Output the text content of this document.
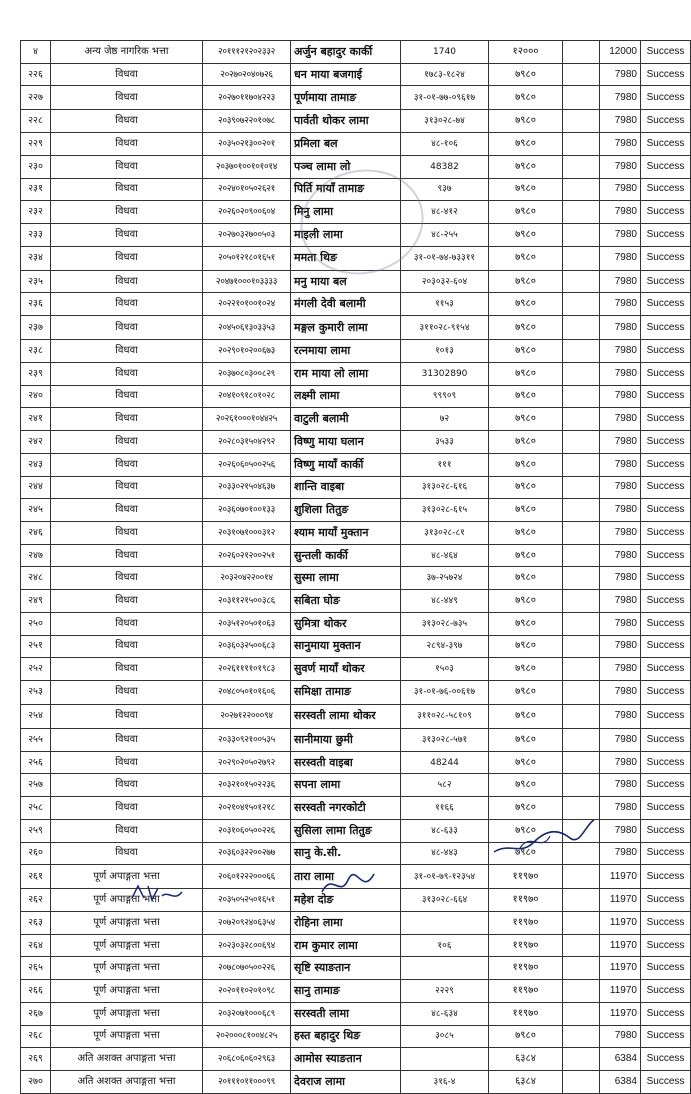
४	अन्य जेष्ठ नागरिक भत्ता	२०१११२१२०२३३२	अर्जुन बहादुर कार्की	1740	१२०००		12000	Success
२२६	विधवा	२०२७०२०४०७२६	धन माया बजगाई	१७८३-१८२४	७९८०		7980	Success
२२७	विधवा	२०२७०११७०४२२३	पूर्णमाया तामाङ	३१-०१-७७-०९६१७	७९८०		7980	Success
२२८	विधवा	२०३९०७२२०१०७८	पार्वती थोकर लामा	३१३०२८-७४	७९८०		7980	Success
२२९	विधवा	२०३५०२१३००२०१	प्रमिला बल	४८-१०६	७९८०		7980	Success
२३०	विधवा	२०३७०१००१०१०१४	पञ्च लामा लो	48382	७९८०		7980	Success
२३१	विधवा	२०२४०१०५०२६२१	पिर्ति मायाँ तामाङ	९३७	७९८०		7980	Success
२३२	विधवा	२०२६०२०९००६०४	मिनु लामा	४८-४१२	७९८०		7980	Success
२३३	विधवा	२०२७०३२७००५०३	माइली लामा	४८-२५५	७९८०		7980	Success
२३४	विधवा	२०५०१२१८०१६५१	ममता थिङ	३१-०१-७४-७३३११	७९८०		7980	Success
२३५	विधवा	२०४७१०००१०३३३३	मनु माया बल	२०३०३२-६०४	७९८०		7980	Success
२३६	विधवा	२०२२१०१००१०२४	मंगली देवी बलामी	११५३	७९८०		7980	Success
२३७	विधवा	२०४५०६१३०३३५३	मङ्गल कुमारी लामा	३११०२८-९१५४	७९८०		7980	Success
२३८	विधवा	२०२९०१०२००६७३	रत्नमाया लामा	१०१३	७९८०		7980	Success
२३९	विधवा	२०३७०८०३००८२९	राम माया लो लामा	31302890	७९८०		7980	Success
२४०	विधवा	२०४१०९१८०१०२८	लक्ष्मी लामा	९९९०९	७९८०		7980	Success
२४१	विधवा	२०२६१०००१०४४२५	वाटुली बलामी	७२	७९८०		7980	Success
२४२	विधवा	२०२८०३१५०४२९२	विष्णु माया घलान	३५३३	७९८०		7980	Success
२४३	विधवा	२०२६०६०५००२५६	विष्णु मायाँ कार्की	१११	७९८०		7980	Success
२४४	विधवा	२०३३०२१५०४६३७	शान्ति वाइबा	३१३०२८-६१६	७९८०		7980	Success
२४५	विधवा	२०३६०७०१००१३३	शुशिला तितुङ	३१३०२८-६१५	७९८०		7980	Success
२४६	विधवा	२०३१०७१०००३१२	श्याम मायाँ मुक्तान	३१३०२८-८१	७९८०		7980	Success
२४७	विधवा	२०२६०२१२००२५१	सुन्तली कार्की	४८-४६४	७९८०		7980	Success
२४८	विधवा	२०३२०४२२००१४	सुस्मा लामा	३७-२५७२४	७९८०		7980	Success
२४९	विधवा	२०३११२१५००३८६	सबिता घोङ	४८-४४९	७९८०		7980	Success
२५०	विधवा	२०३५१२०५०१०६३	सुमित्रा थोकर	३१३०२८-७३५	७९८०		7980	Success
२५१	विधवा	२०३६०३२५००६८३	सानुमाया मुक्तान	२८९४-३९७	७९८०		7980	Success
२५२	विधवा	२०२६११११०१९८३	सुवर्ण मायाँ थोकर	१५०३	७९८०		7980	Success
२५३	विधवा	२०४८०५०१०१६०६	समिक्षा तामाङ	३१-०१-७६-००६१७	७९८०		7980	Success
२५४	विधवा	२०२७१२२०००९४	सरस्वती लामा थोकर	३११०२८-५८१०९	७९८०		7980	Success
२५५	विधवा	२०३३०९२१००५३५	सानीमाया छुमी	३१३०२८-५७१	७९८०		7980	Success
२५६	विधवा	२०२९०२०५०२७९२	सरस्वती वाइबा	48244	७९८०		7980	Success
२५७	विधवा	२०३२१०१५०२२३६	सपना लामा	५८२	७९८०		7980	Success
२५८	विधवा	२०२१०४१५०१२१८	सरस्वती नगरकोटी	११६६	७९८०		7980	Success
२५९	विधवा	२०३१०६०५००२२६	सुसिला लामा तितुङ	४८-६३३	७९८०		7980	Success
२६०	विधवा	२०३६०३२२००२७७	सानु के.सी.	४८-४४३	७९८०		7980	Success
२६१	पूर्ण अपाङ्गता भत्ता	२०६०१२२२०००६६	तारा लामा	३१-०१-७९-१२३५४	११९७०		11970	Success
२६२	पूर्ण अपाङ्गता भत्ता	२०३५०५२५०१६५१	महेश दोङ	३१३०२८-६६४	११९७०		11970	Success
२६३	पूर्ण अपाङ्गता भत्ता	२०७२०९२४०६३५४	रोहिना लामा		११९७०		11970	Success
२६४	पूर्ण अपाङ्गता भत्ता	२०२३०३२८००६९४	राम कुमार लामा	१०६	११९७०		11970	Success
२६५	पूर्ण अपाङ्गता भत्ता	२०७८०७०५००२२६	सृष्टि स्याङतान		११९७०		11970	Success
२६६	पूर्ण अपाङ्गता भत्ता	२०२०११०२०१०९८	सानु तामाङ	२२२९	११९७०		11970	Success
२६७	पूर्ण अपाङ्गता भत्ता	२०३२०७१०००६८९	सरस्वती लामा	४८-६३४	११९७०		11970	Success
२६८	पूर्ण अपाङ्गता भत्ता	२०२०००८१००४८२५	हस्त बहादुर थिङ	३०८५	७९८०		7980	Success
२६९	अति अशक्त अपाङ्गता भत्ता	२०६८०६०६०२९६३	आमोस स्याङतान		६३८४		6384	Success
२७०	अति अशक्त अपाङ्गता भत्ता	२०१११०११०००९९	देवराज लामा	३१६-४	६३८४		6384	Success
